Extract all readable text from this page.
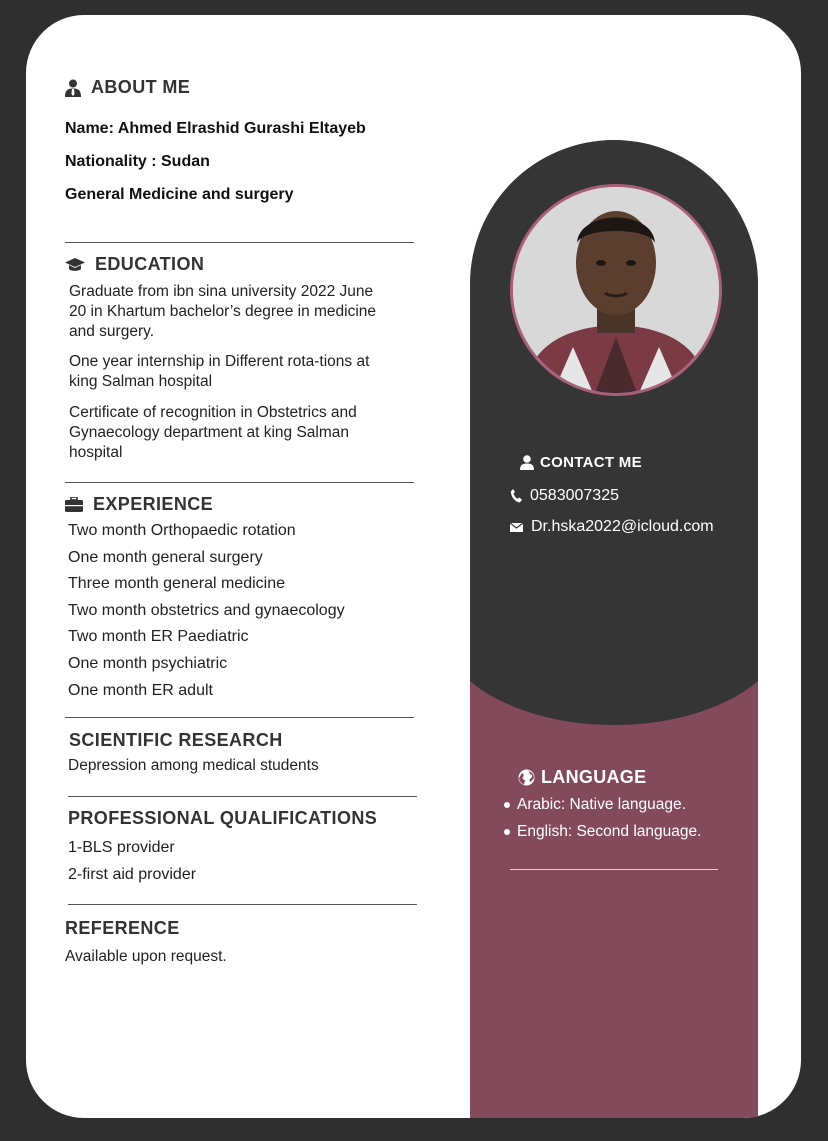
ABOUT ME
Name: Ahmed Elrashid Gurashi Eltayeb
Nationality : Sudan
General Medicine and surgery
EDUCATION
Graduate from ibn sina university 2022 June 20 in Khartum bachelor’s degree in medicine and surgery.
One year internship in Different rota-tions at king Salman hospital
Certificate of recognition in Obstetrics and Gynaecology department at king Salman hospital
EXPERIENCE
Two month Orthopaedic rotation
One month general surgery
Three month general medicine
Two month obstetrics and gynaecology
Two month ER Paediatric
One month psychiatric
One month ER adult
SCIENTIFIC RESEARCH
Depression among medical students
PROFESSIONAL QUALIFICATIONS
1-BLS provider
2-first aid provider
REFERENCE
Available upon request.
CONTACT ME
0583007325
Dr.hska2022@icloud.com
LANGUAGE
Arabic: Native language.
English: Second language.
